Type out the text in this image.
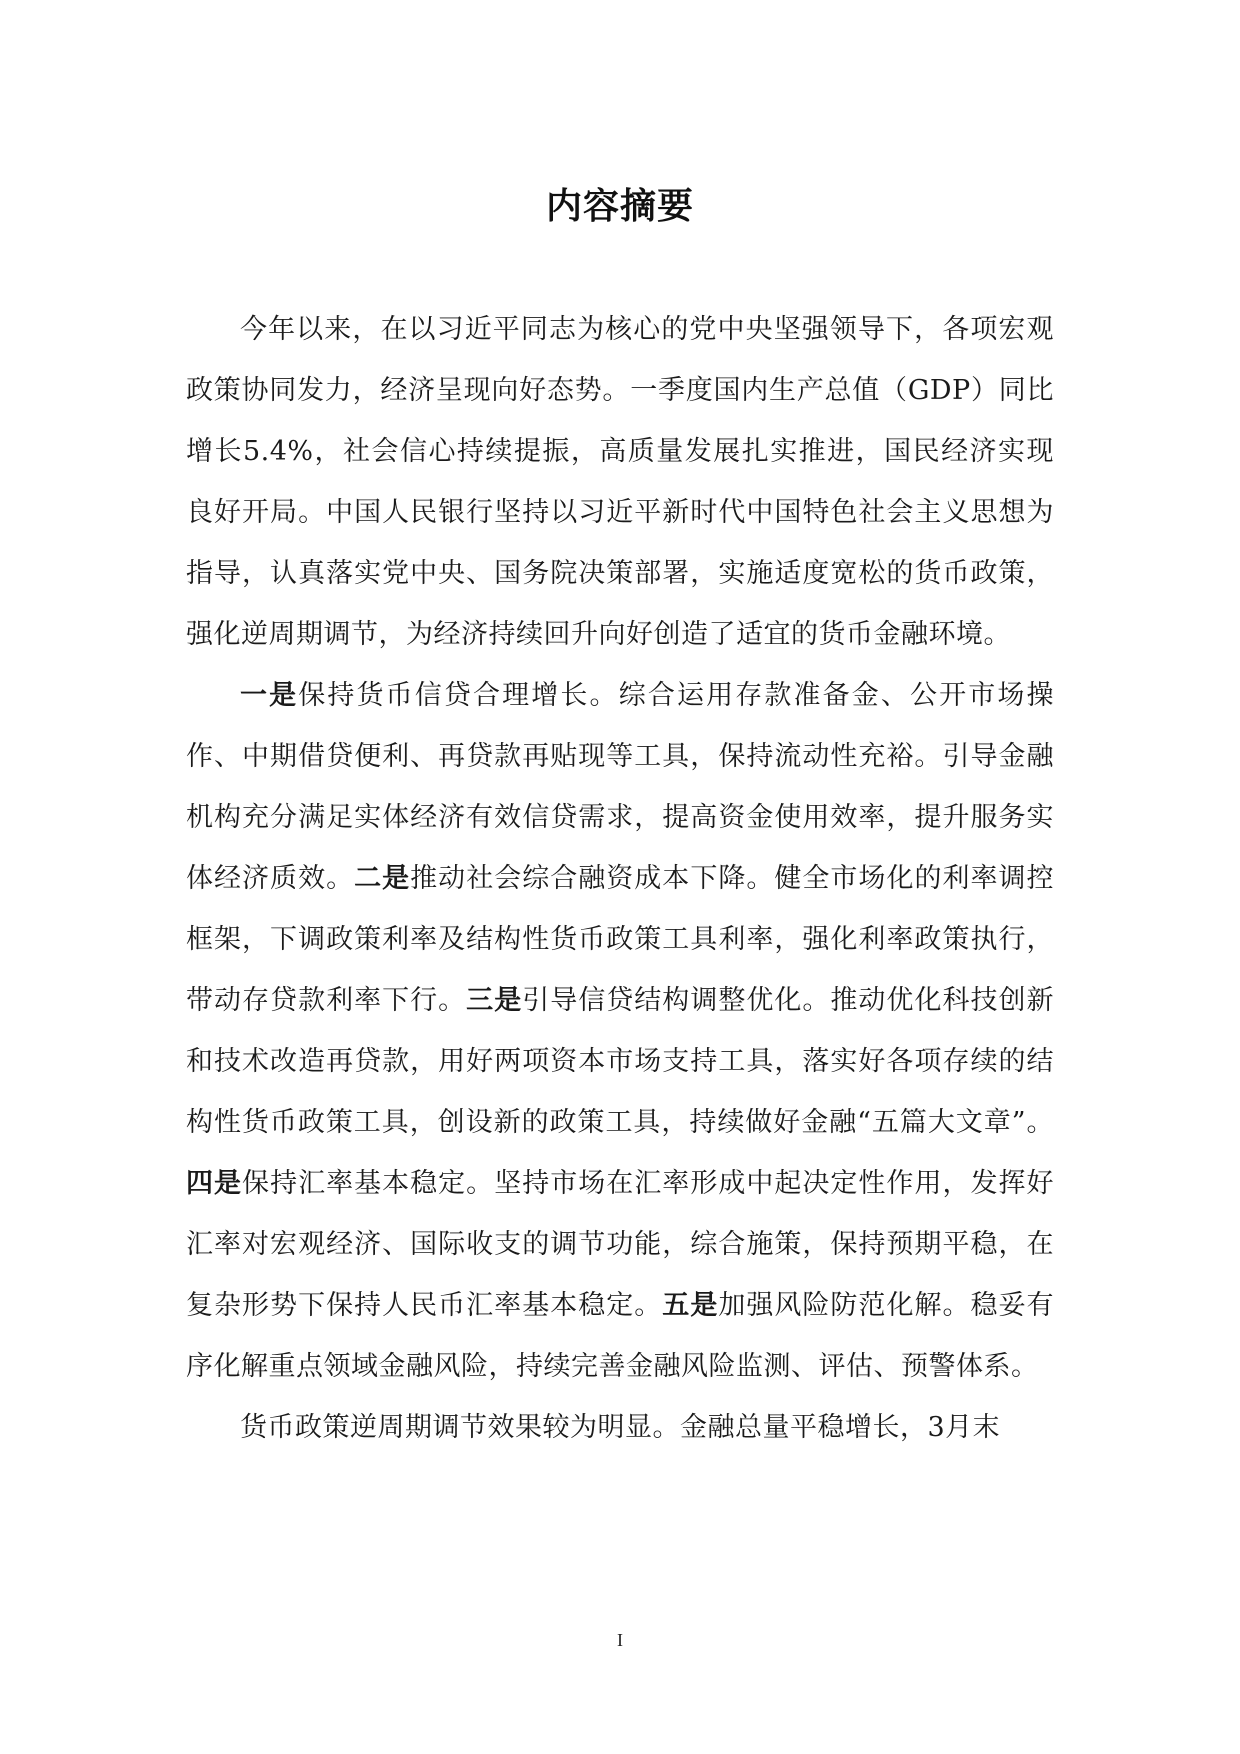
内容摘要

今年以来，在以习近平同志为核心的党中央坚强领导下，各项宏观政策协同发力，经济呈现向好态势。一季度国内生产总值（GDP）同比增长5.4%，社会信心持续提振，高质量发展扎实推进，国民经济实现良好开局。中国人民银行坚持以习近平新时代中国特色社会主义思想为指导，认真落实党中央、国务院决策部署，实施适度宽松的货币政策，强化逆周期调节，为经济持续回升向好创造了适宜的货币金融环境。

一是保持货币信贷合理增长。综合运用存款准备金、公开市场操作、中期借贷便利、再贷款再贴现等工具，保持流动性充裕。引导金融机构充分满足实体经济有效信贷需求，提高资金使用效率，提升服务实体经济质效。二是推动社会综合融资成本下降。健全市场化的利率调控框架，下调政策利率及结构性货币政策工具利率，强化利率政策执行，带动存贷款利率下行。三是引导信贷结构调整优化。推动优化科技创新和技术改造再贷款，用好两项资本市场支持工具，落实好各项存续的结构性货币政策工具，创设新的政策工具，持续做好金融“五篇大文章”。四是保持汇率基本稳定。坚持市场在汇率形成中起决定性作用，发挥好汇率对宏观经济、国际收支的调节功能，综合施策，保持预期平稳，在复杂形势下保持人民币汇率基本稳定。五是加强风险防范化解。稳妥有序化解重点领域金融风险，持续完善金融风险监测、评估、预警体系。

货币政策逆周期调节效果较为明显。金融总量平稳增长，3月末

I
